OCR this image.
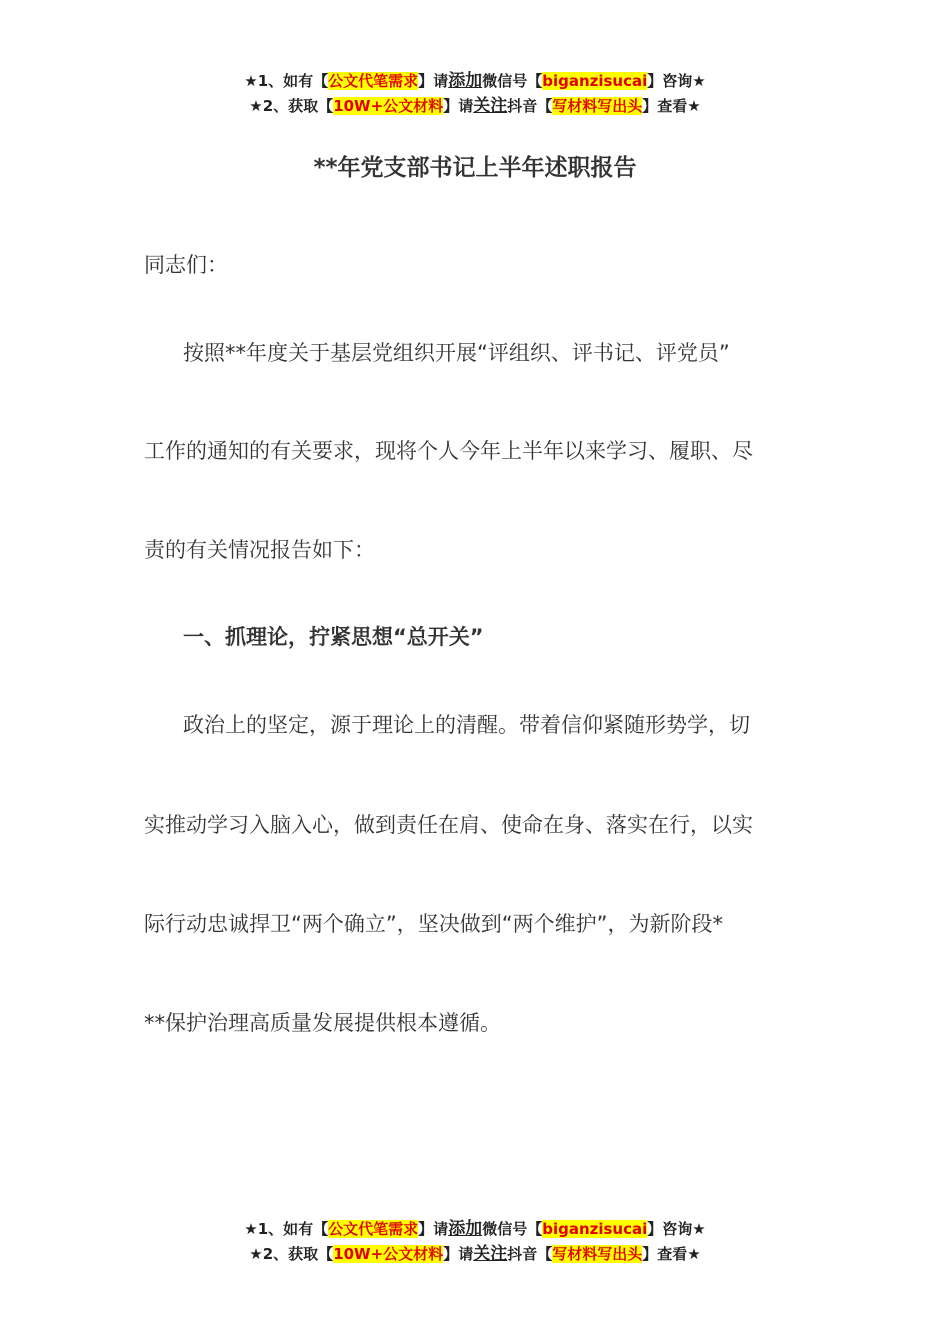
★1、如有【公文代笔需求】请添加微信号【biganzisucai】咨询★
★2、获取【10W+公文材料】请关注抖音【写材料写出头】查看★
**年党支部书记上半年述职报告
同志们：
按照**年度关于基层党组织开展“评组织、评书记、评党员”
工作的通知的有关要求，现将个人今年上半年以来学习、履职、尽
责的有关情况报告如下：
一、抓理论，拧紧思想“总开关”
政治上的坚定，源于理论上的清醒。带着信仰紧随形势学，切
实推动学习入脑入心，做到责任在肩、使命在身、落实在行，以实
际行动忠诚捍卫“两个确立”，坚决做到“两个维护”，为新阶段*
**保护治理高质量发展提供根本遵循。
★1、如有【公文代笔需求】请添加微信号【biganzisucai】咨询★
★2、获取【10W+公文材料】请关注抖音【写材料写出头】查看★
